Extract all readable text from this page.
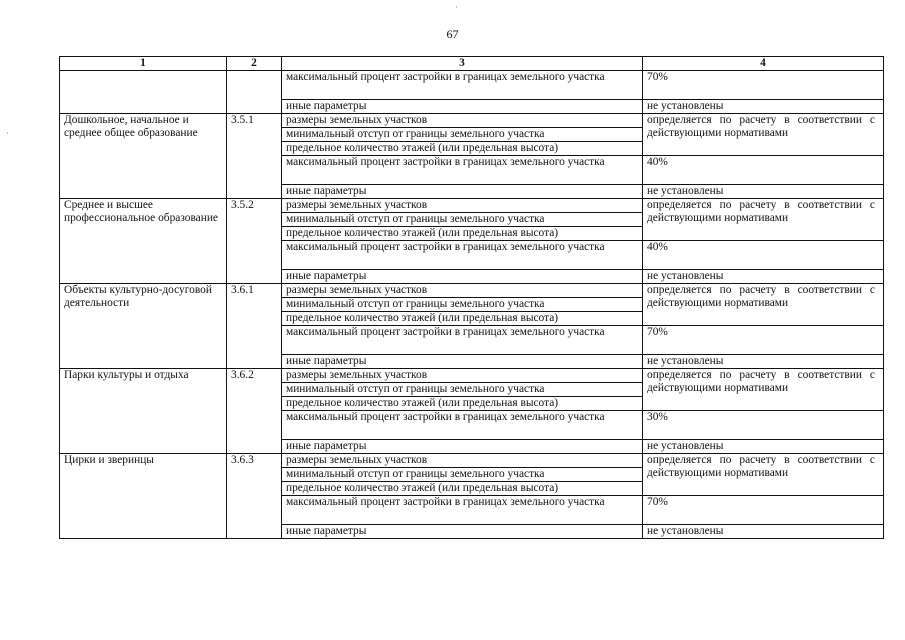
67
·
·
1	2	3	4
		максимальный процент застройки в границах земельного участка	70%
		иные параметры	не установлены
Дошкольное, начальное и среднее общее образование	3.5.1	размеры земельных участков	определяется по расчету в соответствии с действующими нормативами
		минимальный отступ от границы земельного участка	
		предельное количество этажей (или предельная высота)	
		максимальный процент застройки в границах земельного участка	40%
		иные параметры	не установлены
Среднее и высшее профессиональное образование	3.5.2	размеры земельных участков	определяется по расчету в соответствии с действующими нормативами
		минимальный отступ от границы земельного участка	
		предельное количество этажей (или предельная высота)	
		максимальный процент застройки в границах земельного участка	40%
		иные параметры	не установлены
Объекты культурно-досуговой деятельности	3.6.1	размеры земельных участков	определяется по расчету в соответствии с действующими нормативами
		минимальный отступ от границы земельного участка	
		предельное количество этажей (или предельная высота)	
		максимальный процент застройки в границах земельного участка	70%
		иные параметры	не установлены
Парки культуры и отдыха	3.6.2	размеры земельных участков	определяется по расчету в соответствии с действующими нормативами
		минимальный отступ от границы земельного участка	
		предельное количество этажей (или предельная высота)	
		максимальный процент застройки в границах земельного участка	30%
		иные параметры	не установлены
Цирки и зверинцы	3.6.3	размеры земельных участков	определяется по расчету в соответствии с действующими нормативами
		минимальный отступ от границы земельного участка	
		предельное количество этажей (или предельная высота)	
		максимальный процент застройки в границах земельного участка	70%
		иные параметры	не установлены
